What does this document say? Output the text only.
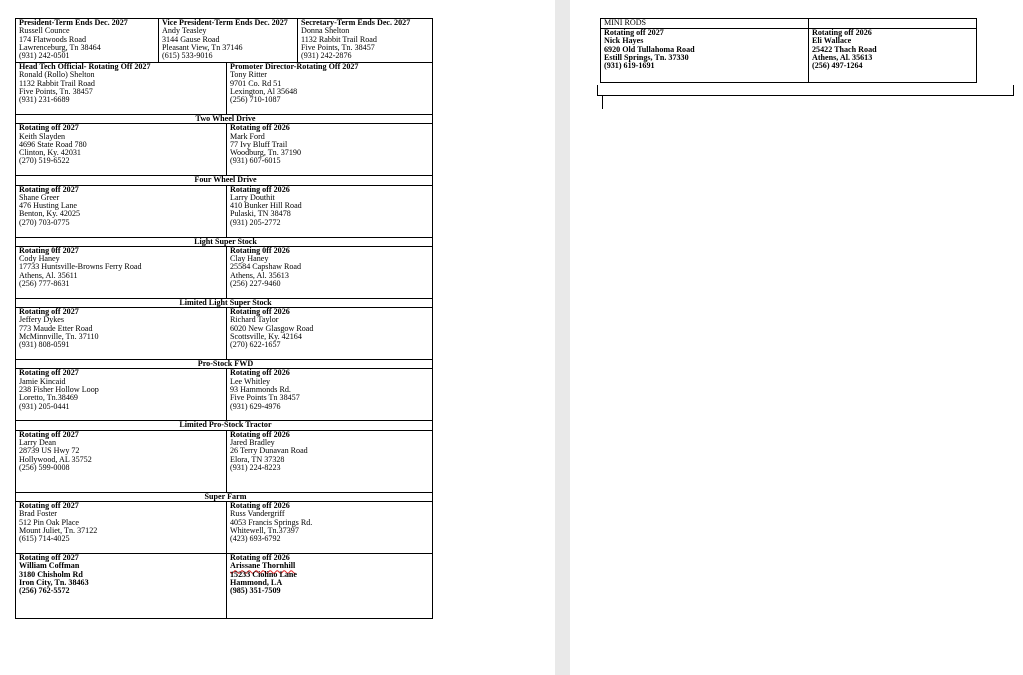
President-Term Ends Dec. 2027
Russell Counce
174 Flatwoods Road
Lawrenceburg, Tn 38464
(931) 242-0501	Vice President-Term Ends Dec. 2027
Andy Teasley
3144 Gause Road
Pleasant View, Tn 37146
(615) 533-9016		Secretary-Term Ends Dec. 2027
Donna Shelton
1132 Rabbit Trail Road
Five Points, Tn. 38457
(931) 242-2876

Head Tech Official- Rotating Off 2027
Ronald (Rollo) Shelton
1132 Rabbit Trail Road
Five Points, Tn. 38457
(931) 231-6689		Promoter Director-Rotating Off 2027
Tony Ritter
9701 Co. Rd 51
Lexington, Al 35648
(256) 710-1087	

Two Wheel Drive			

Rotating off 2027
Keith Slayden
4696 State Road 780
Clinton, Ky. 42031
(270) 519-6522		Rotating off 2026
Mark Ford
77 Ivy Bluff Trail
Woodburg, Tn. 37190
(931) 607-6015	

Four Wheel Drive			

Rotating off 2027
Shane Greer
476 Husting Lane
Benton, Ky. 42025
(270) 703-0775		Rotating off 2026
Larry Douthit
410 Bunker Hill Road
Pulaski, TN 38478
(931) 205-2772	

Light Super Stock			

Rotating 0ff 2027
Cody Haney
17733 Huntsville-Browns Ferry Road
Athens, Al. 35611
(256) 777-8631		Rotating 0ff 2026
Clay Haney
25584 Capshaw Road
Athens, Al. 35613
(256) 227-9460	

Limited Light Super Stock			

Rotating off 2027
Jeffery Dykes
773 Maude Etter Road
McMinnville, Tn. 37110
(931) 808-0591		Rotating off 2026
Richard Taylor
6020 New Glasgow Road
Scottsville, Ky. 42164
(270) 622-1657	

Pro-Stock FWD			

Rotating off 2027
Jamie Kincaid
238 Fisher Hollow Loop
Loretto, Tn.38469
(931) 205-0441		Rotating off 2026
Lee Whitley
93 Hammonds Rd.
Five Points Tn 38457
(931) 629-4976	

Limited Pro-Stock Tractor			

Rotating off 2027
Larry Dean
28739 US Hwy 72
Hollywood, AL 35752
(256) 599-0008		Rotating off 2026
Jared Bradley
26 Terry Dunavan Road
Elora, TN 37328
(931) 224-8223	

Super Farm			

Rotating off 2027
Brad Foster
512 Pin Oak Place
Mount Juliet, Tn. 37122
(615) 714-4025		Rotating off 2026
Russ Vandergriff
4053 Francis Springs Rd.
Whitewell, Tn.37397
(423) 693-6792	

Rotating off 2027
William Coffman
3180 Chisholm Rd
Iron City, Tn. 38463
(256) 762-5572		Rotating off 2026
Arissane Thornhill
15233 Ciolino Lane
Hammond, LA
(985) 351-7509	
MINI RODS	

Rotating off 2027
Nick Hayes
6920 Old Tullahoma Road
Estill Springs, Tn. 37330
(931) 619-1691	Rotating off 2026
Eli Wallace
25422 Thach Road
Athens, Al. 35613
(256) 497-1264
